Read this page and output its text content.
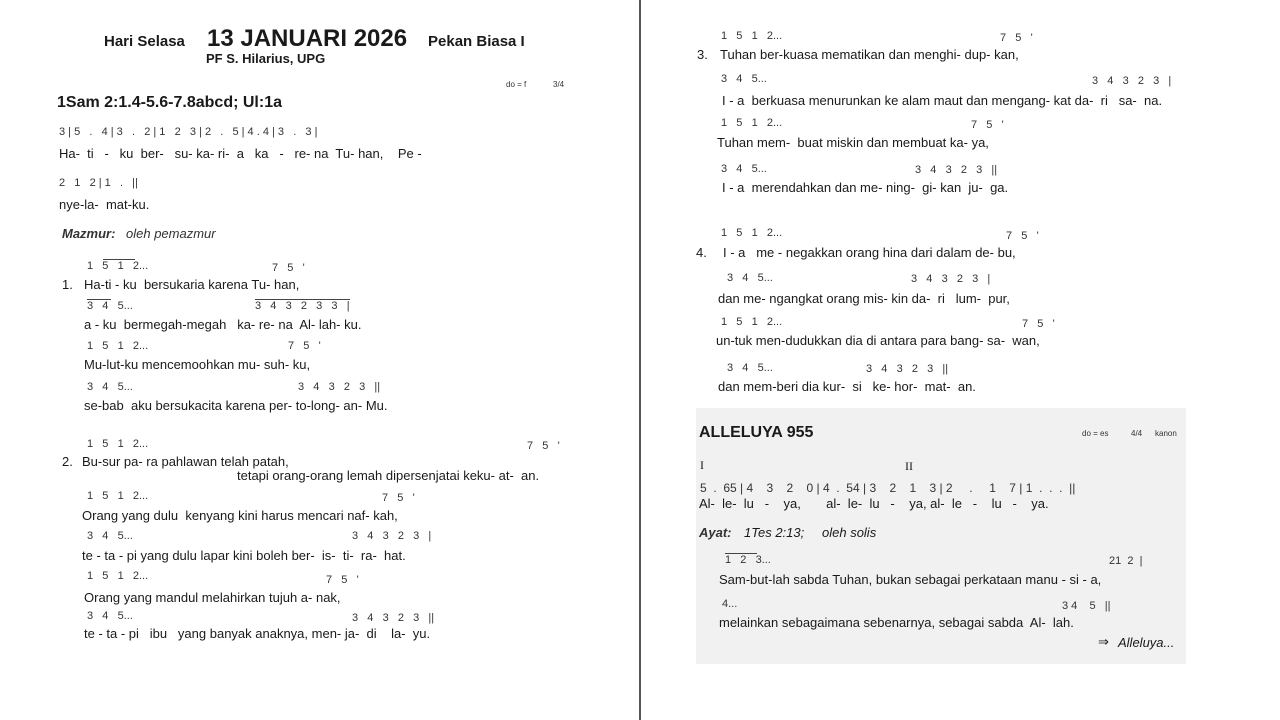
Hari Selasa 13 JANUARI 2026 Pekan Biasa I
PF S. Hilarius, UPG
do = f	3/4
1Sam 2:1.4-5.6-7.8abcd; Ul:1a
3 | 5   .   4 | 3   .   2 | 1   2   3 | 2   .   5 | 4 . 4 | 3   .   3 |
Ha-  ti   -   ku  ber-   su- ka- ri-  a   ka   -   re- na  Tu- han,    Pe -
2   1   2 | 1   .   ||
nye-la-  mat-ku.
Mazmur: oleh pemazmur
1.
1   5   1   2...	7   5   '
Ha-ti - ku  bersukaria karena Tu- han,
3   4   5...	3   4   3   2   3   3   |
a - ku  bermegah-megah   ka- re- na  Al- lah- ku.
1   5   1   2...	7   5   '
Mu-lut-ku mencemoohkan mu- suh- ku,
3   4   5...	3   4   3   2   3   ||
se-bab  aku bersukacita karena per- to-long- an- Mu.
1   5   1   2...	7   5   '
2. Bu-sur pa- ra pahlawan telah patah,
tetapi orang-orang lemah dipersenjatai keku- at-  an.
1   5   1   2...	7   5   '
Orang yang dulu  kenyang kini harus mencari naf- kah,
3   4   5...	3   4   3   2   3   |
te - ta - pi yang dulu lapar kini boleh ber-  is-  ti-  ra-  hat.
1   5   1   2...	7   5   '
Orang yang mandul melahirkan tujuh a- nak,
3   4   5...	3   4   3   2   3   ||
te - ta - pi   ibu   yang banyak anaknya, men- ja-  di    la-  yu.
1   5   1   2...	7   5   '
3. Tuhan ber-kuasa mematikan dan menghi- dup- kan,
3   4   5...	3   4   3   2   3   |
I - a  berkuasa menurunkan ke alam maut dan mengang- kat da-  ri   sa-  na.
1   5   1   2...	7   5   '
Tuhan mem-  buat miskin dan membuat ka- ya,
3   4   5...	3   4   3   2   3   ||
I - a  merendahkan dan me- ning-  gi- kan  ju-  ga.
1   5   1   2...	7   5   '
4. I - a   me - negakkan orang hina dari dalam de- bu,
3   4   5...	3   4   3   2   3   |
dan me- ngangkat orang mis- kin da-  ri   lum-  pur,
1   5   1   2...	7   5   '
un-tuk men-dudukkan dia di antara para bang- sa-  wan,
3   4   5...	3   4   3   2   3   ||
dan mem-beri dia kur-  si   ke- hor-  mat-  an.
ALLELUYA 955	do = es	4/4 kanon
I	II
5  .  65 | 4    3    2    0 | 4  .  54 | 3    2    1    3 | 2     .     1    7 | 1  .  .  .  ||
Al-  le-  lu   -    ya,       al-  le-  lu   -    ya, al-  le   -    lu   -    ya.
Ayat: 1Tes 2:13; oleh solis
1   2   3...	21  2  |
Sam-but-lah sabda Tuhan, bukan sebagai perkataan manu - si - a,
4...	3 4    5   ||
melainkan sebagaimana sebenarnya, sebagai sabda  Al-  lah.
⇒ Alleluya...
